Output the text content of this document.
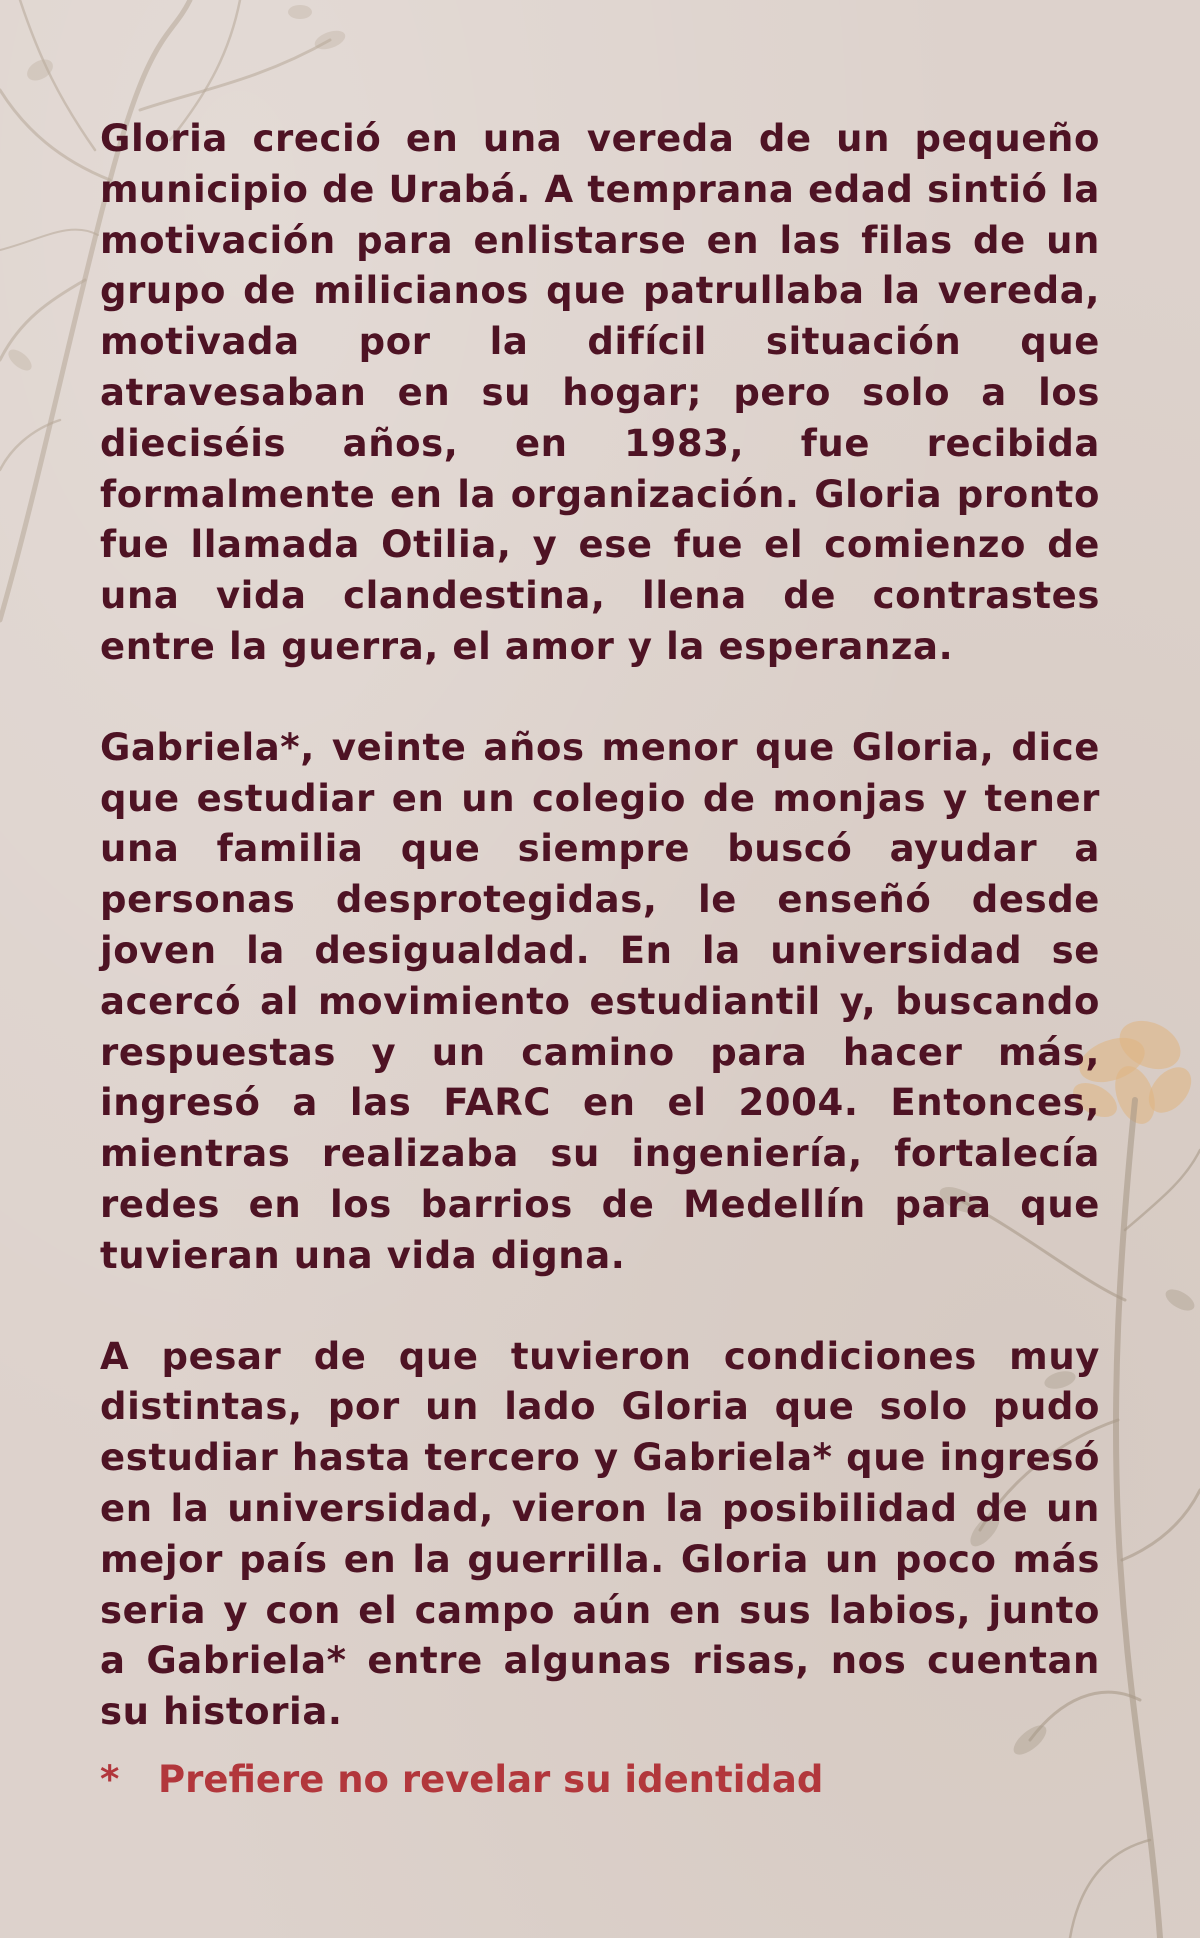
Gloria creció en una vereda de un pequeño municipio de Urabá. A temprana edad sintió la motivación para enlistarse en las filas de un grupo de milicianos que patrullaba la vereda, motivada por la difícil situación que atravesaban en su hogar; pero solo a los dieciséis años, en 1983, fue recibida formalmente en la organización. Gloria pronto fue llamada Otilia, y ese fue el comienzo de una vida clandestina, llena de contrastes entre la guerra, el amor y la esperanza.

Gabriela*, veinte años menor que Gloria, dice que estudiar en un colegio de monjas y tener una familia que siempre buscó ayudar a personas desprotegidas, le enseñó desde joven la desigualdad. En la universidad se acercó al movimiento estudiantil y, buscando respuestas y un camino para hacer más, ingresó a las FARC en el 2004. Entonces, mientras realizaba su ingeniería, fortalecía redes en los barrios de Medellín para que tuvieran una vida digna.

A pesar de que tuvieron condiciones muy distintas, por un lado Gloria que solo pudo estudiar hasta tercero y Gabriela* que ingresó en la universidad, vieron la posibilidad de un mejor país en la guerrilla. Gloria un poco más seria y con el campo aún en sus labios, junto a Gabriela* entre algunas risas, nos cuentan su historia.

* Prefiere no revelar su identidad
